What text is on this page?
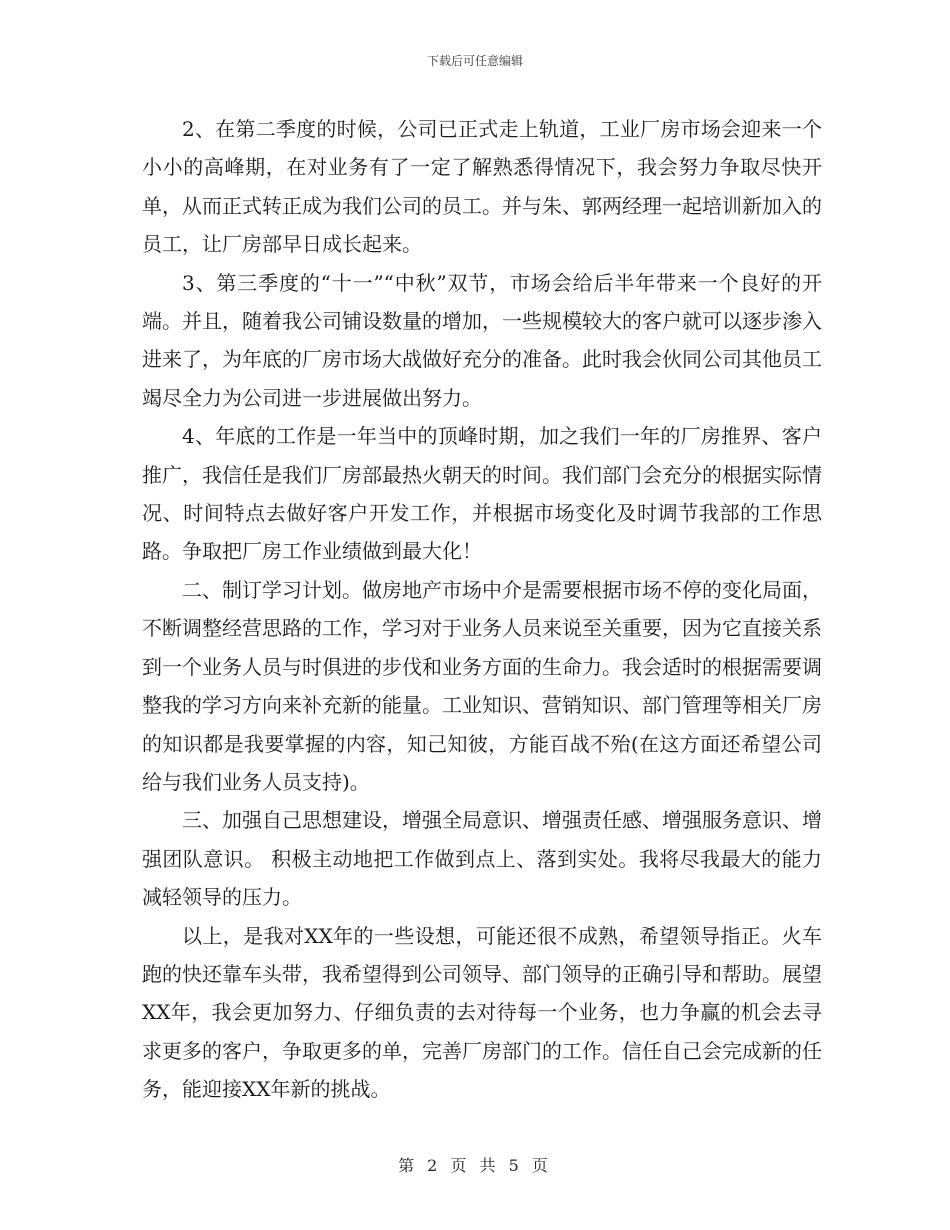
下载后可任意编辑

2、在第二季度的时候，公司已正式走上轨道，工业厂房市场会迎来一个小小的高峰期，在对业务有了一定了解熟悉得情况下，我会努力争取尽快开单，从而正式转正成为我们公司的员工。并与朱、郭两经理一起培训新加入的员工，让厂房部早日成长起来。

3、第三季度的“十一”“中秋”双节，市场会给后半年带来一个良好的开端。并且，随着我公司铺设数量的增加，一些规模较大的客户就可以逐步渗入进来了，为年底的厂房市场大战做好充分的准备。此时我会伙同公司其他员工竭尽全力为公司进一步进展做出努力。

4、年底的工作是一年当中的顶峰时期，加之我们一年的厂房推界、客户推广，我信任是我们厂房部最热火朝天的时间。我们部门会充分的根据实际情况、时间特点去做好客户开发工作，并根据市场变化及时调节我部的工作思路。争取把厂房工作业绩做到最大化！

二、制订学习计划。做房地产市场中介是需要根据市场不停的变化局面，不断调整经营思路的工作，学习对于业务人员来说至关重要，因为它直接关系到一个业务人员与时俱进的步伐和业务方面的生命力。我会适时的根据需要调整我的学习方向来补充新的能量。工业知识、营销知识、部门管理等相关厂房的知识都是我要掌握的内容，知己知彼，方能百战不殆(在这方面还希望公司给与我们业务人员支持)。

三、加强自己思想建设，增强全局意识、增强责任感、增强服务意识、增强团队意识。 积极主动地把工作做到点上、落到实处。我将尽我最大的能力减轻领导的压力。

以上，是我对XX年的一些设想，可能还很不成熟，希望领导指正。火车跑的快还靠车头带，我希望得到公司领导、部门领导的正确引导和帮助。展望XX年，我会更加努力、仔细负责的去对待每一个业务，也力争赢的机会去寻求更多的客户，争取更多的单，完善厂房部门的工作。信任自己会完成新的任务，能迎接XX年新的挑战。

第 2 页 共 5 页
